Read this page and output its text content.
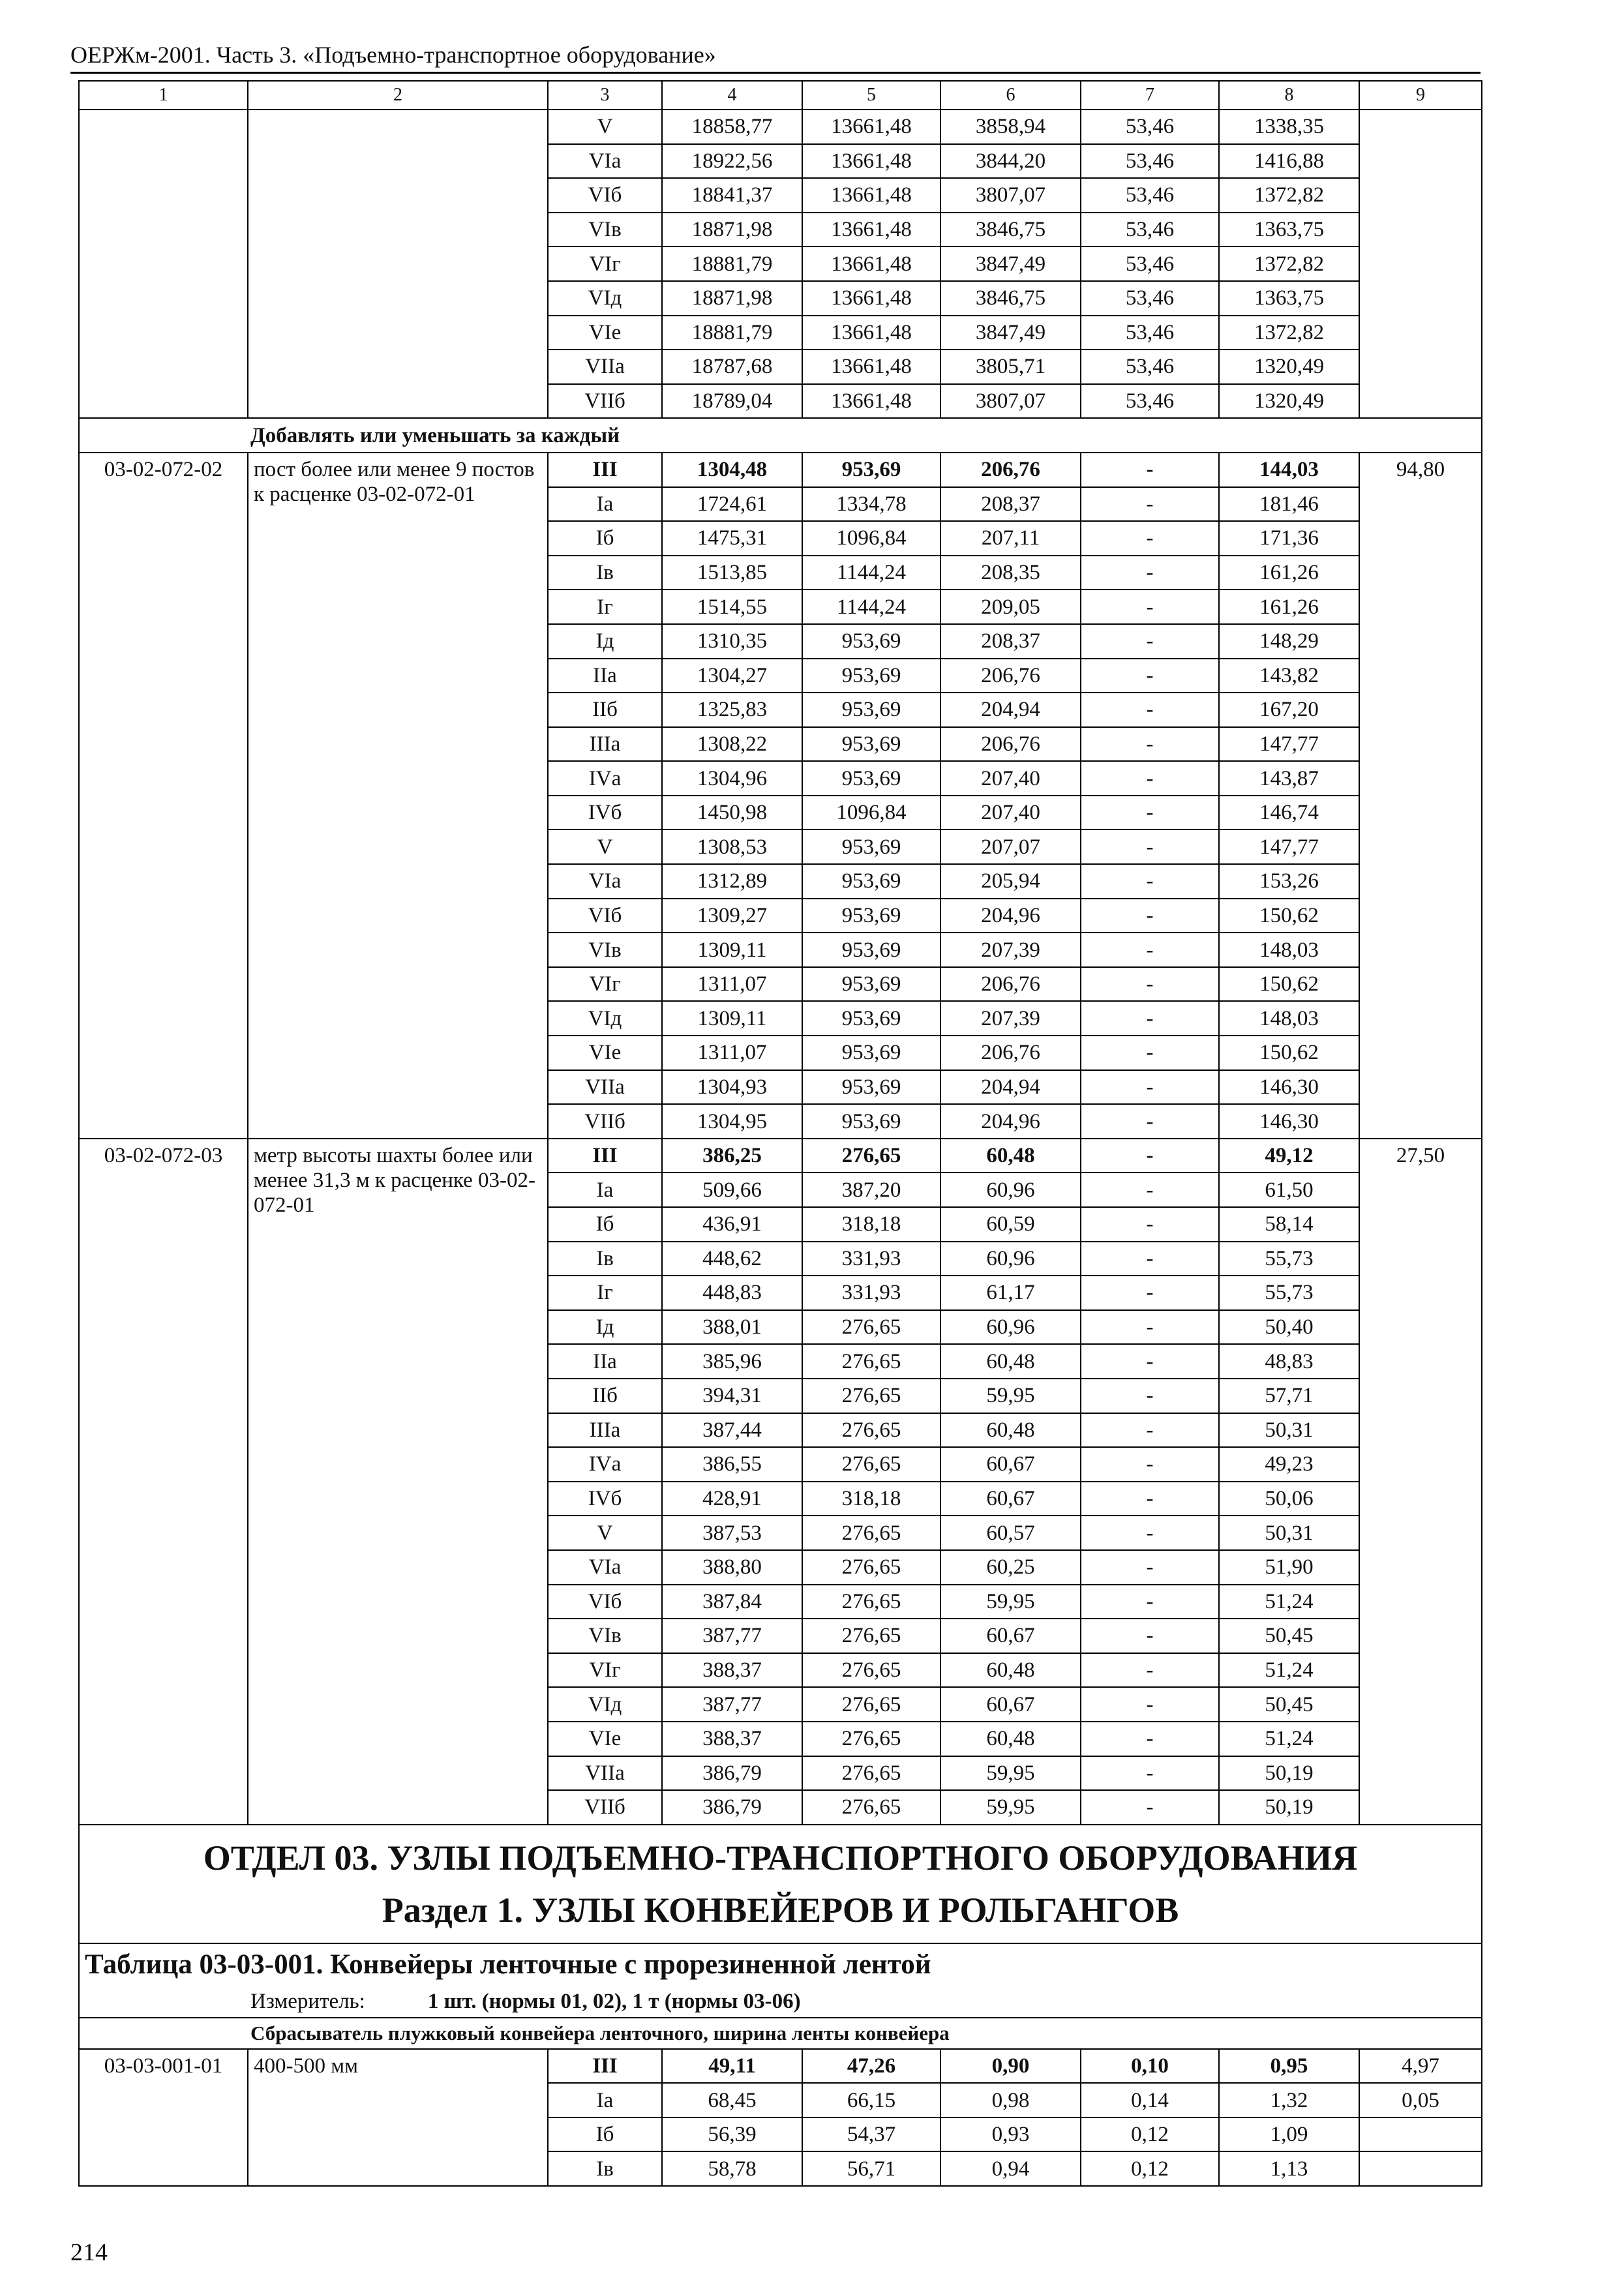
ОЕРЖм-2001. Часть 3. «Подъемно-транспортное оборудование»
1	2	3	4	5	6	7	8	9
		V	18858,77	13661,48	3858,94	53,46	1338,35	
		VIа	18922,56	13661,48	3844,20	53,46	1416,88	
		VIб	18841,37	13661,48	3807,07	53,46	1372,82	
		VIв	18871,98	13661,48	3846,75	53,46	1363,75	
		VIг	18881,79	13661,48	3847,49	53,46	1372,82	
		VIд	18871,98	13661,48	3846,75	53,46	1363,75	
		VIе	18881,79	13661,48	3847,49	53,46	1372,82	
		VIIа	18787,68	13661,48	3805,71	53,46	1320,49	
		VIIб	18789,04	13661,48	3807,07	53,46	1320,49	
Добавлять или уменьшать за каждый								
03-02-072-02	пост более или менее 9 постов к расценке 03-02-072-01	III	1304,48	953,69	206,76	-	144,03	94,80
		Iа	1724,61	1334,78	208,37	-	181,46	
		Iб	1475,31	1096,84	207,11	-	171,36	
		Iв	1513,85	1144,24	208,35	-	161,26	
		Iг	1514,55	1144,24	209,05	-	161,26	
		Iд	1310,35	953,69	208,37	-	148,29	
		IIа	1304,27	953,69	206,76	-	143,82	
		IIб	1325,83	953,69	204,94	-	167,20	
		IIIа	1308,22	953,69	206,76	-	147,77	
		IVа	1304,96	953,69	207,40	-	143,87	
		IVб	1450,98	1096,84	207,40	-	146,74	
		V	1308,53	953,69	207,07	-	147,77	
		VIа	1312,89	953,69	205,94	-	153,26	
		VIб	1309,27	953,69	204,96	-	150,62	
		VIв	1309,11	953,69	207,39	-	148,03	
		VIг	1311,07	953,69	206,76	-	150,62	
		VIд	1309,11	953,69	207,39	-	148,03	
		VIе	1311,07	953,69	206,76	-	150,62	
		VIIа	1304,93	953,69	204,94	-	146,30	
		VIIб	1304,95	953,69	204,96	-	146,30	
03-02-072-03	метр высоты шахты более или менее 31,3 м к расценке 03-02-072-01	III	386,25	276,65	60,48	-	49,12	27,50
		Iа	509,66	387,20	60,96	-	61,50	
		Iб	436,91	318,18	60,59	-	58,14	
		Iв	448,62	331,93	60,96	-	55,73	
		Iг	448,83	331,93	61,17	-	55,73	
		Iд	388,01	276,65	60,96	-	50,40	
		IIа	385,96	276,65	60,48	-	48,83	
		IIб	394,31	276,65	59,95	-	57,71	
		IIIа	387,44	276,65	60,48	-	50,31	
		IVа	386,55	276,65	60,67	-	49,23	
		IVб	428,91	318,18	60,67	-	50,06	
		V	387,53	276,65	60,57	-	50,31	
		VIа	388,80	276,65	60,25	-	51,90	
		VIб	387,84	276,65	59,95	-	51,24	
		VIв	387,77	276,65	60,67	-	50,45	
		VIг	388,37	276,65	60,48	-	51,24	
		VIд	387,77	276,65	60,67	-	50,45	
		VIе	388,37	276,65	60,48	-	51,24	
		VIIа	386,79	276,65	59,95	-	50,19	
		VIIб	386,79	276,65	59,95	-	50,19	

ОТДЕЛ 03. УЗЛЫ ПОДЪЕМНО-ТРАНСПОРТНОГО ОБОРУДОВАНИЯ
Раздел 1. УЗЛЫ КОНВЕЙЕРОВ И РОЛЬГАНГОВ								

Таблица 03-03-001. Конвейеры ленточные с прорезиненной лентой								
Измеритель: 1 шт. (нормы 01, 02), 1 т (нормы 03-06)								
Сбрасыватель плужковый конвейера ленточного, ширина ленты конвейера								
03-03-001-01	400-500 мм	III	49,11	47,26	0,90	0,10	0,95	4,97
		Iа	68,45	66,15	0,98	0,14	1,32	0,05
		Iб	56,39	54,37	0,93	0,12	1,09	
		Iв	58,78	56,71	0,94	0,12	1,13	
214
